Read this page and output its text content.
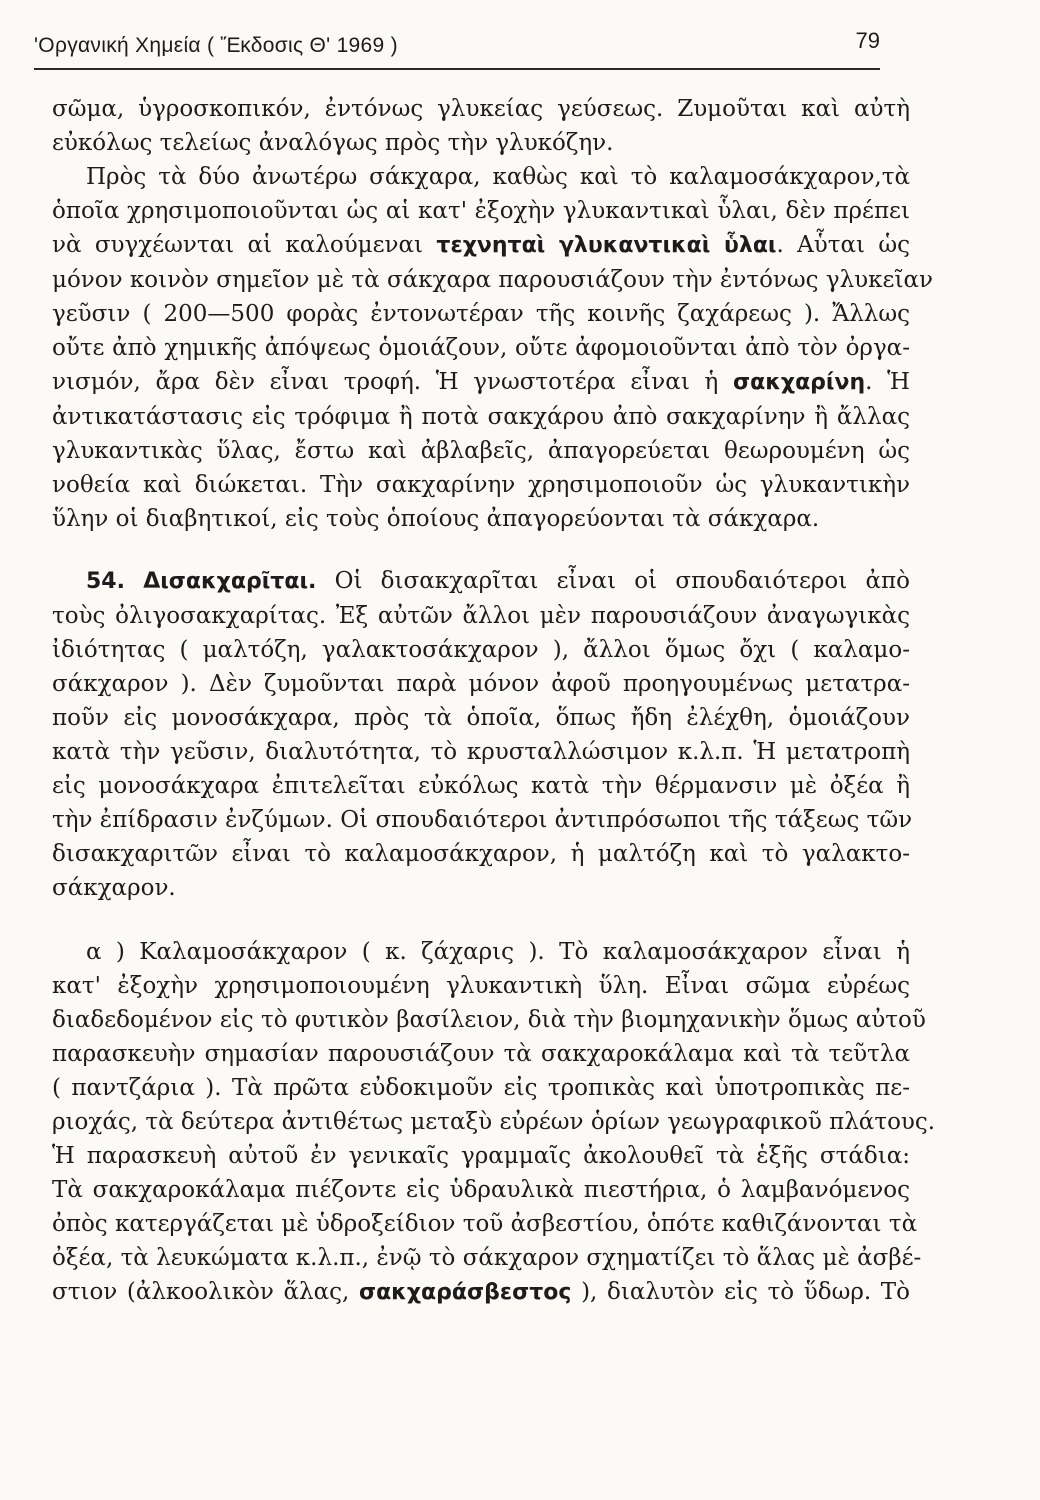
'Οργανική Χημεία ( Ἔκδοσις Θ' 1969 )	79
σῶμα, ὑγροσκοπικόν, ἐντόνως γλυκείας γεύσεως. Ζυμοῦται καὶ αὐτὴ
εὐκόλως τελείως ἀναλόγως πρὸς τὴν γλυκόζην.
Πρὸς τὰ δύο ἀνωτέρω σάκχαρα, καθὼς καὶ τὸ καλαμοσάκχαρον,τὰ
ὁποῖα χρησιμοποιοῦνται ὡς αἱ κατ' ἐξοχὴν γλυκαντικαὶ ὗλαι, δὲν πρέπει
νὰ συγχέωνται αἱ καλούμεναι τεχνηταὶ γλυκαντικαὶ ὗλαι. Αὗται ὡς
μόνον κοινὸν σημεῖον μὲ τὰ σάκχαρα παρουσιάζουν τὴν ἐντόνως γλυκεῖαν
γεῦσιν ( 200—500 φορὰς ἐντονωτέραν τῆς κοινῆς ζαχάρεως ). Ἄλλως
οὔτε ἀπὸ χημικῆς ἀπόψεως ὁμοιάζουν, οὔτε ἀφομοιοῦνται ἀπὸ τὸν ὀργα-
νισμόν, ἄρα δὲν εἶναι τροφή. Ἡ γνωστοτέρα εἶναι ἡ σακχαρίνη. Ἡ
ἀντικατάστασις εἰς τρόφιμα ἢ ποτὰ σακχάρου ἀπὸ σακχαρίνην ἢ ἄλλας
γλυκαντικὰς ὕλας, ἔστω καὶ ἀβλαβεῖς, ἀπαγορεύεται θεωρουμένη ὡς
νοθεία καὶ διώκεται. Τὴν σακχαρίνην χρησιμοποιοῦν ὡς γλυκαντικὴν
ὕλην οἱ διαβητικοί, εἰς τοὺς ὁποίους ἀπαγορεύονται τὰ σάκχαρα.
54. Δισακχαρῖται. Οἱ δισακχαρῖται εἶναι οἱ σπουδαιότεροι ἀπὸ
τοὺς ὀλιγοσακχαρίτας. Ἐξ αὐτῶν ἄλλοι μὲν παρουσιάζουν ἀναγωγικὰς
ἰδιότητας ( μαλτόζη, γαλακτοσάκχαρον ), ἄλλοι ὅμως ὄχι ( καλαμο-
σάκχαρον ). Δὲν ζυμοῦνται παρὰ μόνον ἀφοῦ προηγουμένως μετατρα-
ποῦν εἰς μονοσάκχαρα, πρὸς τὰ ὁποῖα, ὅπως ἤδη ἐλέχθη, ὁμοιάζουν
κατὰ τὴν γεῦσιν, διαλυτότητα, τὸ κρυσταλλώσιμον κ.λ.π. Ἡ μετατροπὴ
εἰς μονοσάκχαρα ἐπιτελεῖται εὐκόλως κατὰ τὴν θέρμανσιν μὲ ὀξέα ἢ
τὴν ἐπίδρασιν ἐνζύμων. Οἱ σπουδαιότεροι ἀντιπρόσωποι τῆς τάξεως τῶν
δισακχαριτῶν εἶναι τὸ καλαμοσάκχαρον, ἡ μαλτόζη καὶ τὸ γαλακτο-
σάκχαρον.
α ) Καλαμοσάκχαρον ( κ. ζάχαρις ). Τὸ καλαμοσάκχαρον εἶναι ἡ
κατ' ἐξοχὴν χρησιμοποιουμένη γλυκαντικὴ ὕλη. Εἶναι σῶμα εὐρέως
διαδεδομένον εἰς τὸ φυτικὸν βασίλειον, διὰ τὴν βιομηχανικὴν ὅμως αὐτοῦ
παρασκευὴν σημασίαν παρουσιάζουν τὰ σακχαροκάλαμα καὶ τὰ τεῦτλα
( παντζάρια ). Τὰ πρῶτα εὐδοκιμοῦν εἰς τροπικὰς καὶ ὑποτροπικὰς πε-
ριοχάς, τὰ δεύτερα ἀντιθέτως μεταξὺ εὐρέων ὁρίων γεωγραφικοῦ πλάτους.
Ἡ παρασκευὴ αὐτοῦ ἐν γενικαῖς γραμμαῖς ἀκολουθεῖ τὰ ἑξῆς στάδια:
Τὰ σακχαροκάλαμα πιέζοντε εἰς ὑδραυλικὰ πιεστήρια, ὁ λαμβανόμενος
ὀπὸς κατεργάζεται μὲ ὑδροξείδιον τοῦ ἀσβεστίου, ὁπότε καθιζάνονται τὰ
ὀξέα, τὰ λευκώματα κ.λ.π., ἐνῷ τὸ σάκχαρον σχηματίζει τὸ ἅλας μὲ ἀσβέ-
στιον (ἀλκοολικὸν ἅλας, σακχαράσβεστος ), διαλυτὸν εἰς τὸ ὕδωρ. Τὸ
